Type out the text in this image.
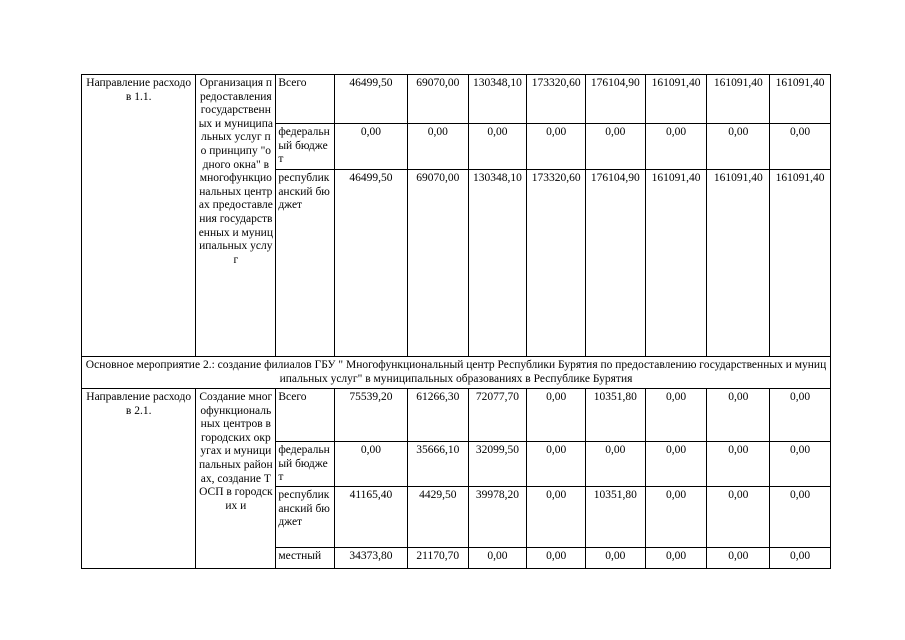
Направление расходов 1.1.	Организация предоставления государственных и муниципальных услуг по принципу "одного окна" в многофункциональных центрах предоставления государственных и муниципальных услуг	Всего	46499,50	69070,00	130348,10	173320,60	176104,90	161091,40	161091,40	161091,40
		федеральный бюджет	0,00	0,00	0,00	0,00	0,00	0,00	0,00	0,00
		республиканский бюджет	46499,50	69070,00	130348,10	173320,60	176104,90	161091,40	161091,40	161091,40
Основное мероприятие 2.: создание филиалов ГБУ " Многофункциональный центр Республики Бурятия по предоставлению государственных и муниципальных услуг" в муниципальных образованиях в Республике Бурятия										
Направление расходов 2.1.	Создание многофункциональных центров в городских округах и муниципальных районах, создание ТОСП в городских и	Всего	75539,20	61266,30	72077,70	0,00	10351,80	0,00	0,00	0,00
		федеральный бюджет	0,00	35666,10	32099,50	0,00	0,00	0,00	0,00	0,00
		республиканский бюджет	41165,40	4429,50	39978,20	0,00	10351,80	0,00	0,00	0,00
		местный	34373,80	21170,70	0,00	0,00	0,00	0,00	0,00	0,00
